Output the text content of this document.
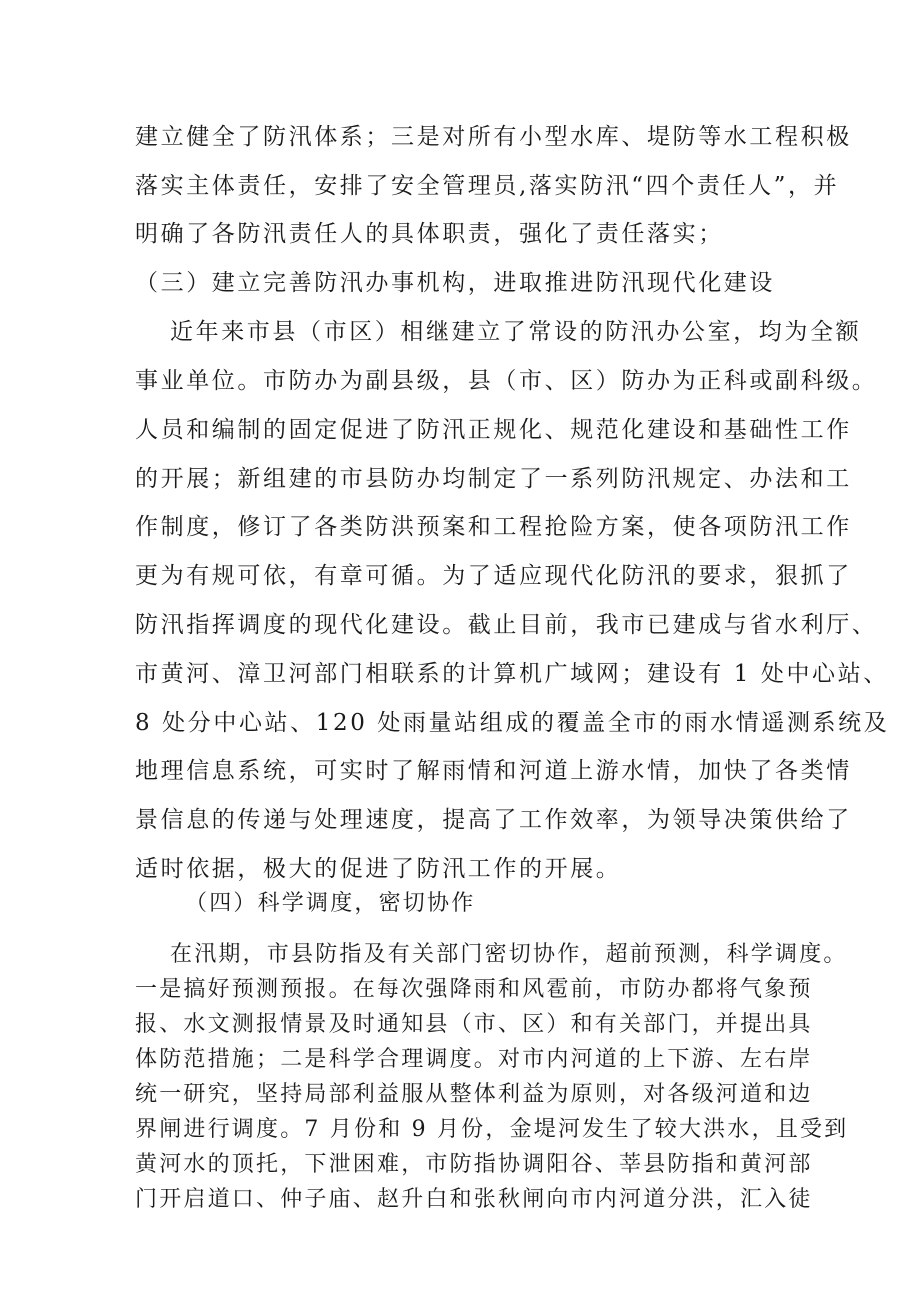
建立健全了防汛体系；三是对所有小型水库、堤防等水工程积极
落实主体责任，安排了安全管理员,落实防汛“四个责任人”，并
明确了各防汛责任人的具体职责，强化了责任落实；
（三）建立完善防汛办事机构，进取推进防汛现代化建设
近年来市县（市区）相继建立了常设的防汛办公室，均为全额
事业单位。市防办为副县级，县（市、区）防办为正科或副科级。
人员和编制的固定促进了防汛正规化、规范化建设和基础性工作
的开展；新组建的市县防办均制定了一系列防汛规定、办法和工
作制度，修订了各类防洪预案和工程抢险方案，使各项防汛工作
更为有规可依，有章可循。为了适应现代化防汛的要求，狠抓了
防汛指挥调度的现代化建设。截止目前，我市已建成与省水利厅、
市黄河、漳卫河部门相联系的计算机广域网；建设有 1 处中心站、
8 处分中心站、120 处雨量站组成的覆盖全市的雨水情遥测系统及
地理信息系统，可实时了解雨情和河道上游水情，加快了各类情
景信息的传递与处理速度，提高了工作效率，为领导决策供给了
适时依据，极大的促进了防汛工作的开展。
（四）科学调度，密切协作
在汛期，市县防指及有关部门密切协作，超前预测，科学调度。
一是搞好预测预报。在每次强降雨和风雹前，市防办都将气象预
报、水文测报情景及时通知县（市、区）和有关部门，并提出具
体防范措施；二是科学合理调度。对市内河道的上下游、左右岸
统一研究，坚持局部利益服从整体利益为原则，对各级河道和边
界闸进行调度。7 月份和 9 月份，金堤河发生了较大洪水，且受到
黄河水的顶托，下泄困难，市防指协调阳谷、莘县防指和黄河部
门开启道口、仲子庙、赵升白和张秋闸向市内河道分洪，汇入徒
